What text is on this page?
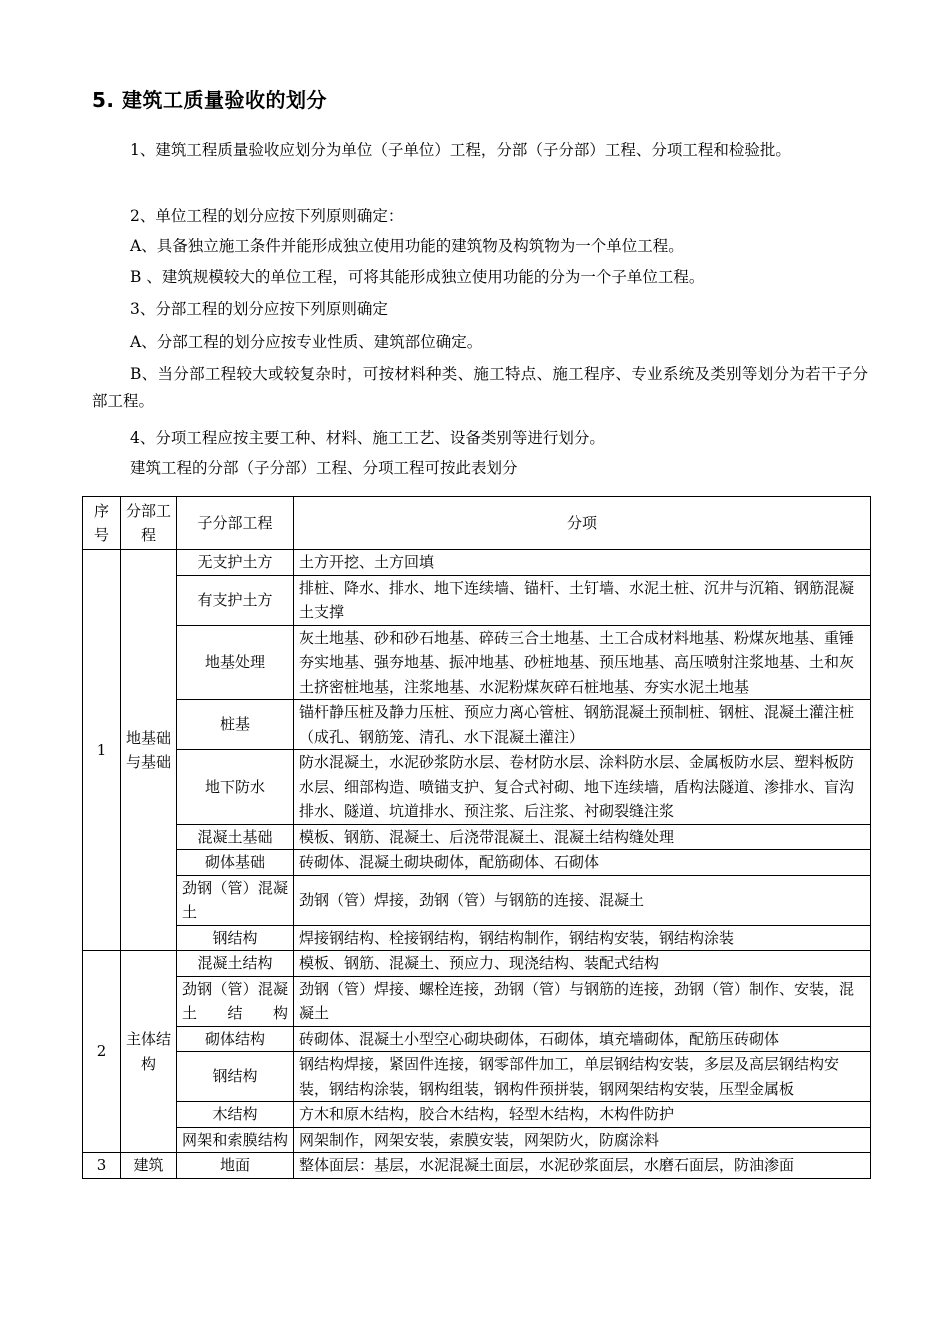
5. 建筑工质量验收的划分
1、建筑工程质量验收应划分为单位（子单位）工程，分部（子分部）工程、分项工程和检验批。
2、单位工程的划分应按下列原则确定：
A、具备独立施工条件并能形成独立使用功能的建筑物及构筑物为一个单位工程。
B 、建筑规模较大的单位工程，可将其能形成独立使用功能的分为一个子单位工程。
3、分部工程的划分应按下列原则确定
A、分部工程的划分应按专业性质、建筑部位确定。
B、当分部工程较大或较复杂时，可按材料种类、施工特点、施工程序、专业系统及类别等划分为若干子分部工程。
4、分项工程应按主要工种、材料、施工工艺、设备类别等进行划分。
建筑工程的分部（子分部）工程、分项工程可按此表划分
序号	分部工程	子分部工程	分项
1	地基础与基础	无支护土方	土方开挖、土方回填
		有支护土方	排桩、降水、排水、地下连续墙、锚杆、土钉墙、水泥土桩、沉井与沉箱、钢筋混凝土支撑
		地基处理	灰土地基、砂和砂石地基、碎砖三合土地基、土工合成材料地基、粉煤灰地基、重锤夯实地基、强夯地基、振冲地基、砂桩地基、预压地基、高压喷射注浆地基、土和灰土挤密桩地基，注浆地基、水泥粉煤灰碎石桩地基、夯实水泥土地基
		桩基	锚杆静压桩及静力压桩、预应力离心管桩、钢筋混凝土预制桩、钢桩、混凝土灌注桩（成孔、钢筋笼、清孔、水下混凝土灌注）
		地下防水	防水混凝土，水泥砂浆防水层、卷材防水层、涂料防水层、金属板防水层、塑料板防水层、细部构造、喷锚支护、复合式衬砌、地下连续墙，盾构法隧道、渗排水、盲沟排水、隧道、坑道排水、预注浆、后注浆、衬砌裂缝注浆
		混凝土基础	模板、钢筋、混凝土、后浇带混凝土、混凝土结构缝处理
		砌体基础	砖砌体、混凝土砌块砌体，配筋砌体、石砌体
		劲钢（管）混凝土	劲钢（管）焊接，劲钢（管）与钢筋的连接、混凝土
		钢结构	焊接钢结构、栓接钢结构，钢结构制作，钢结构安装，钢结构涂装
2	主体结构	混凝土结构	模板、钢筋、混凝土、预应力、现浇结构、装配式结构
		劲钢（管）混凝土结构	劲钢（管）焊接、螺栓连接，劲钢（管）与钢筋的连接，劲钢（管）制作、安装，混凝土
		砌体结构	砖砌体、混凝土小型空心砌块砌体，石砌体，填充墙砌体，配筋压砖砌体
		钢结构	钢结构焊接，紧固件连接，钢零部件加工，单层钢结构安装，多层及高层钢结构安装，钢结构涂装，钢构组装，钢构件预拼装，钢网架结构安装，压型金属板
		木结构	方木和原木结构，胶合木结构，轻型木结构，木构件防护
		网架和索膜结构	网架制作，网架安装，索膜安装，网架防火，防腐涂料
3	建筑	地面	整体面层：基层，水泥混凝土面层，水泥砂浆面层，水磨石面层，防油渗面
